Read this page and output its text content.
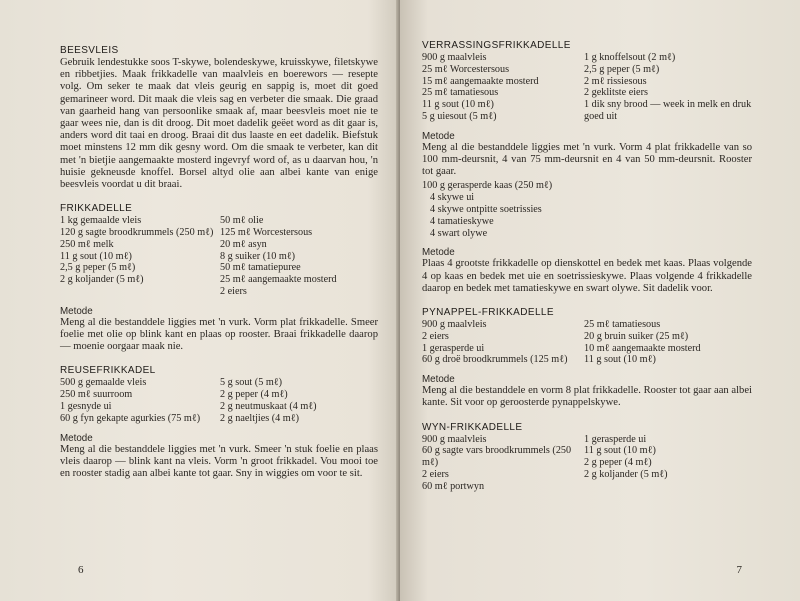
BEESVLEIS

Gebruik lendestukke soos T-skywe, bolendeskywe, kruisskywe, filetskywe en ribbetjies. Maak frikkadelle van maalvleis en boerewors — resepte volg. Om seker te maak dat vleis geurig en sappig is, moet dit goed gemarineer word. Dit maak die vleis sag en verbeter die smaak. Die graad van gaarheid hang van persoonlike smaak af, maar beesvleis moet nie te gaar wees nie, dan is dit droog. Dit moet dadelik geëet word as dit gaar is, anders word dit taai en droog. Braai dit dus laaste en eet dadelik. Biefstuk moet minstens 12 mm dik gesny word. Om die smaak te verbeter, kan dit met 'n bietjie aangemaakte mosterd ingevryf word of, as u daarvan hou, 'n huisie gekneusde knoffel. Borsel altyd olie aan albei kante van enige beesvleis voordat u dit braai.

FRIKKADELLE
1 kg gemaalde vleis
120 g sagte broodkrummels (250 mℓ)
250 mℓ melk
11 g sout (10 mℓ)
2,5 g peper (5 mℓ)
2 g koljander (5 mℓ)
50 mℓ olie
125 mℓ Worcestersous
20 mℓ asyn
8 g suiker (10 mℓ)
50 mℓ tamatiepuree
25 mℓ aangemaakte mosterd
2 eiers
Metode

Meng al die bestanddele liggies met 'n vurk. Vorm plat frikkadelle. Smeer foelie met olie op blink kant en plaas op rooster. Braai frikkadelle daarop — moenie oorgaar maak nie.

REUSEFRIKKADEL
500 g gemaalde vleis
250 mℓ suurroom
1 gesnyde ui
60 g fyn gekapte agurkies (75 mℓ)
5 g sout (5 mℓ)
2 g peper (4 mℓ)
2 g neutmuskaat (4 mℓ)
2 g naeltjies (4 mℓ)
Metode

Meng al die bestanddele liggies met 'n vurk. Smeer 'n stuk foelie en plaas vleis daarop — blink kant na vleis. Vorm 'n groot frikkadel. Vou mooi toe en rooster stadig aan albei kante tot gaar. Sny in wiggies om voor te sit.

6
VERRASSINGSFRIKKADELLE
900 g maalvleis
25 mℓ Worcestersous
15 mℓ aangemaakte mosterd
25 mℓ tamatiesous
11 g sout (10 mℓ)
5 g uiesout (5 mℓ)
1 g knoffelsout (2 mℓ)
2,5 g peper (5 mℓ)
2 mℓ rissiesous
2 geklitste eiers
1 dik sny brood — week in melk en druk goed uit
Metode

Meng al die bestanddele liggies met 'n vurk. Vorm 4 plat frikkadelle van so 100 mm-deursnit, 4 van 75 mm-deursnit en 4 van 50 mm-deursnit. Rooster tot gaar.

100 g gerasperde kaas (250 mℓ)
4 skywe ui
4 skywe ontpitte soetrissies
4 tamatieskywe
4 swart olywe
Metode

Plaas 4 grootste frikkadelle op dienskottel en bedek met kaas. Plaas volgende 4 op kaas en bedek met uie en soetrissieskywe. Plaas volgende 4 frikkadelle daarop en bedek met tamatieskywe en swart olywe. Sit dadelik voor.

PYNAPPEL-FRIKKADELLE
900 g maalvleis
2 eiers
1 gerasperde ui
60 g droë broodkrummels (125 mℓ)
25 mℓ tamatiesous
20 g bruin suiker (25 mℓ)
10 mℓ aangemaakte mosterd
11 g sout (10 mℓ)
Metode

Meng al die bestanddele en vorm 8 plat frikkadelle. Rooster tot gaar aan albei kante. Sit voor op geroosterde pynappelskywe.

WYN-FRIKKADELLE
900 g maalvleis
60 g sagte vars broodkrummels (250 mℓ)
2 eiers
60 mℓ portwyn
1 gerasperde ui
11 g sout (10 mℓ)
2 g peper (4 mℓ)
2 g koljander (5 mℓ)
7
